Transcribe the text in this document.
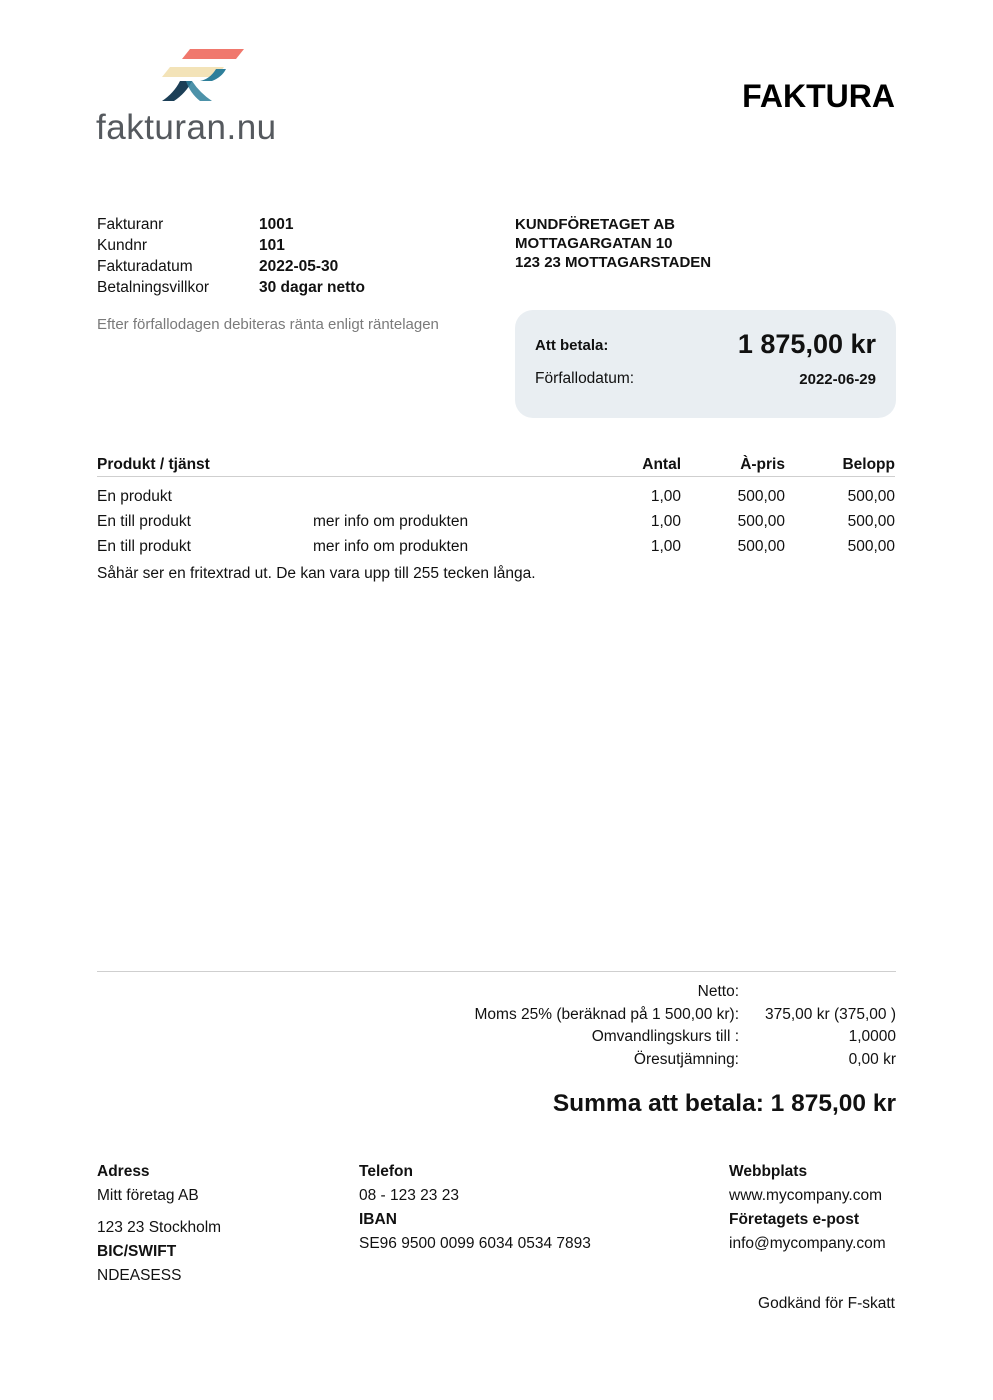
fakturan.nu
FAKTURA
Fakturanr	1001
Kundnr	101
Fakturadatum	2022-05-30
Betalningsvillkor	30 dagar netto
KUNDFÖRETAGET AB
MOTTAGARGATAN 10
123 23 MOTTAGARSTADEN
Efter förfallodagen debiteras ränta enligt räntelagen
Att betala:	1 875,00 kr
Förfallodatum:	2022-06-29
Produkt / tjänst	Antal	À-pris	Belopp
En produkt	1,00	500,00	500,00
En till produkt	mer info om produkten	1,00	500,00	500,00
En till produkt	mer info om produkten	1,00	500,00	500,00
Såhär ser en fritextrad ut. De kan vara upp till 255 tecken långa.
Netto:
Moms 25% (beräknad på 1 500,00 kr):	375,00 kr (375,00 )
Omvandlingskurs till :	1,0000
Öresutjämning:	0,00 kr
Summa att betala: 1 875,00 kr
Adress
Mitt företag AB
123 23 Stockholm
BIC/SWIFT
NDEASESS
Telefon
08 - 123 23 23
IBAN
SE96 9500 0099 6034 0534 7893
Webbplats
www.mycompany.com
Företagets e-post
info@mycompany.com
Godkänd för F-skatt
